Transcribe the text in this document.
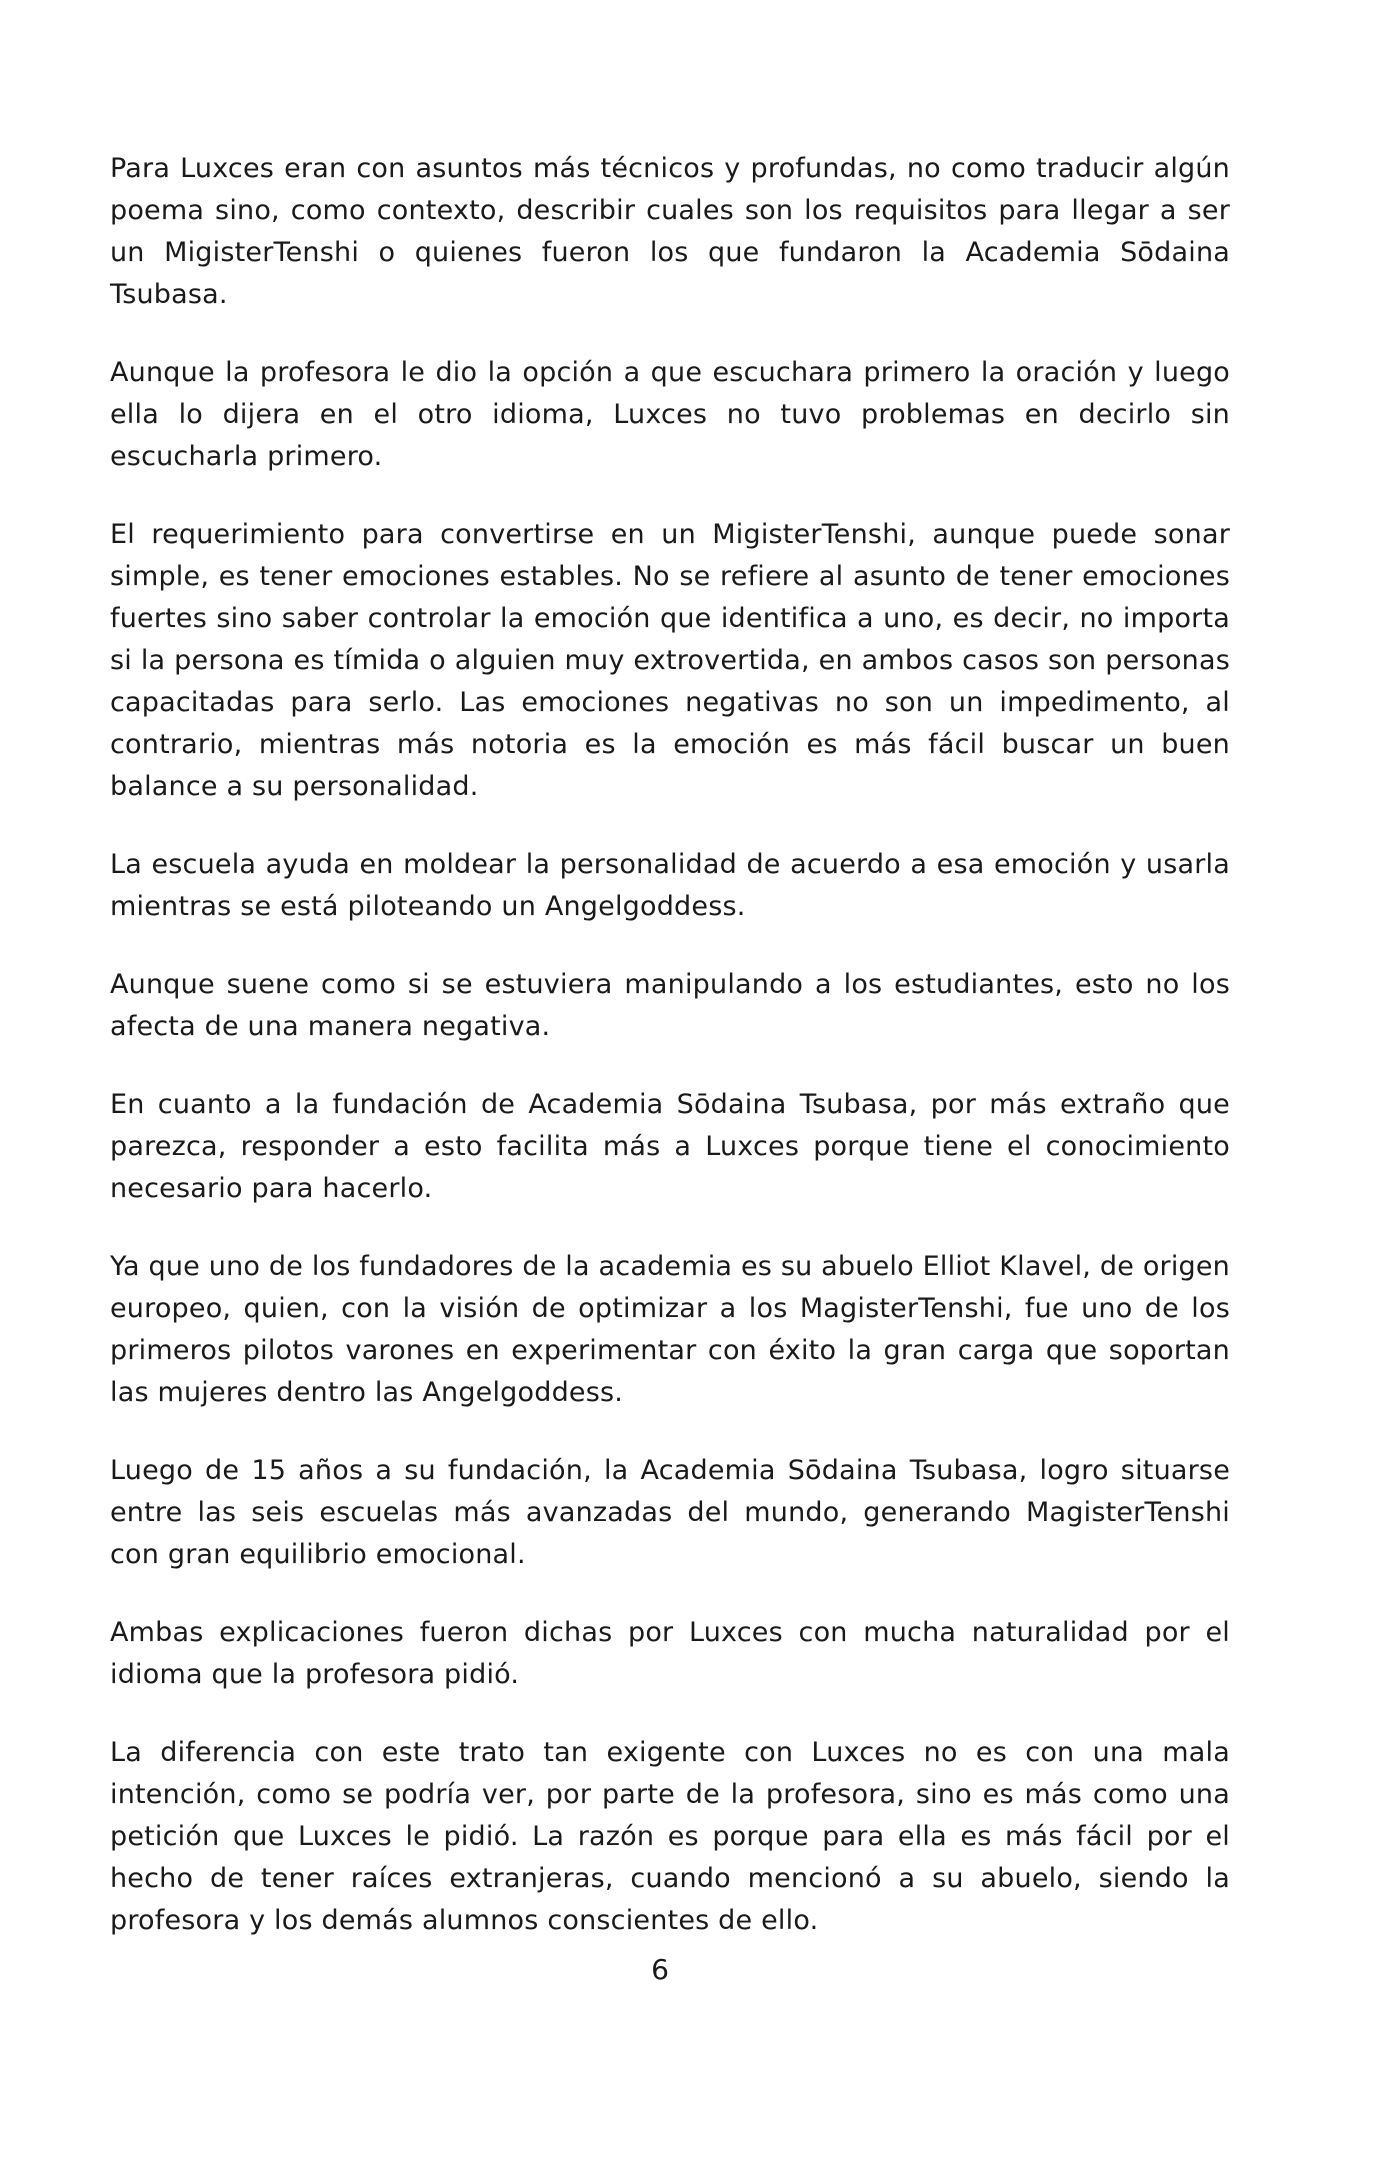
Para Luxces eran con asuntos más técnicos y profundas, no como traducir algún poema sino, como contexto, describir cuales son los requisitos para llegar a ser un MigisterTenshi o quienes fueron los que fundaron la Academia Sōdaina Tsubasa.

Aunque la profesora le dio la opción a que escuchara primero la oración y luego ella lo dijera en el otro idioma, Luxces no tuvo problemas en decirlo sin escucharla primero.

El requerimiento para convertirse en un MigisterTenshi, aunque puede sonar simple, es tener emociones estables. No se refiere al asunto de tener emociones fuertes sino saber controlar la emoción que identifica a uno, es decir, no importa si la persona es tímida o alguien muy extrovertida, en ambos casos son personas capacitadas para serlo. Las emociones negativas no son un impedimento, al contrario, mientras más notoria es la emoción es más fácil buscar un buen balance a su personalidad.

La escuela ayuda en moldear la personalidad de acuerdo a esa emoción y usarla mientras se está piloteando un Angelgoddess.

Aunque suene como si se estuviera manipulando a los estudiantes, esto no los afecta de una manera negativa.

En cuanto a la fundación de Academia Sōdaina Tsubasa, por más extraño que parezca, responder a esto facilita más a Luxces porque tiene el conocimiento necesario para hacerlo.

Ya que uno de los fundadores de la academia es su abuelo Elliot Klavel, de origen europeo, quien, con la visión de optimizar a los MagisterTenshi, fue uno de los primeros pilotos varones en experimentar con éxito la gran carga que soportan las mujeres dentro las Angelgoddess.

Luego de 15 años a su fundación, la Academia Sōdaina Tsubasa, logro situarse entre las seis escuelas más avanzadas del mundo, generando MagisterTenshi con gran equilibrio emocional.

Ambas explicaciones fueron dichas por Luxces con mucha naturalidad por el idioma que la profesora pidió.

La diferencia con este trato tan exigente con Luxces no es con una mala intención, como se podría ver, por parte de la profesora, sino es más como una petición que Luxces le pidió. La razón es porque para ella es más fácil por el hecho de tener raíces extranjeras, cuando mencionó a su abuelo, siendo la profesora y los demás alumnos conscientes de ello.

6
